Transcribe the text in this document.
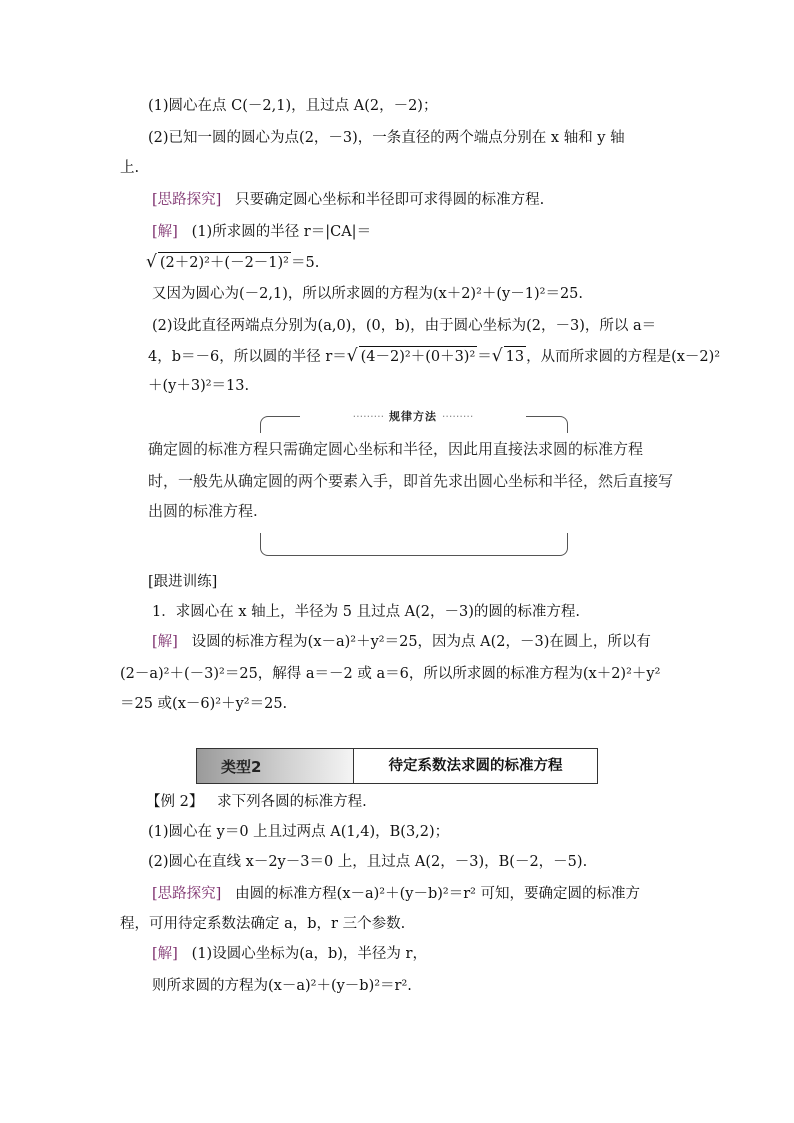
(1)圆心在点 C(－2,1)，且过点 A(2，－2)；
(2)已知一圆的圆心为点(2，－3)，一条直径的两个端点分别在 x 轴和 y 轴
上.
[思路探究] 只要确定圆心坐标和半径即可求得圆的标准方程.
[解] (1)所求圆的半径 r＝|CA|＝
√ (2＋2)²＋(－2－1)² ＝5.
又因为圆心为(－2,1)，所以所求圆的方程为(x＋2)²＋(y－1)²＝25.
(2)设此直径两端点分别为(a,0)，(0，b)，由于圆心坐标为(2，－3)，所以 a＝
4，b＝－6，所以圆的半径 r＝√ (4－2)²＋(0＋3)² ＝√ 13 ，从而所求圆的方程是(x－2)²
＋(y＋3)²＝13.
········· 规律方法 ·········
确定圆的标准方程只需确定圆心坐标和半径，因此用直接法求圆的标准方程
时，一般先从确定圆的两个要素入手，即首先求出圆心坐标和半径，然后直接写
出圆的标准方程.
[跟进训练]
1．求圆心在 x 轴上，半径为 5 且过点 A(2，－3)的圆的标准方程.
[解] 设圆的标准方程为(x－a)²＋y²＝25，因为点 A(2，－3)在圆上，所以有
(2－a)²＋(－3)²＝25，解得 a＝－2 或 a＝6，所以所求圆的标准方程为(x＋2)²＋y²
＝25 或(x－6)²＋y²＝25.
类型2	待定系数法求圆的标准方程
【例 2】 求下列各圆的标准方程.
(1)圆心在 y＝0 上且过两点 A(1,4)，B(3,2)；
(2)圆心在直线 x－2y－3＝0 上，且过点 A(2，－3)，B(－2，－5).
[思路探究] 由圆的标准方程(x－a)²＋(y－b)²＝r² 可知，要确定圆的标准方
程，可用待定系数法确定 a，b，r 三个参数.
[解] (1)设圆心坐标为(a，b)，半径为 r，
则所求圆的方程为(x－a)²＋(y－b)²＝r².
